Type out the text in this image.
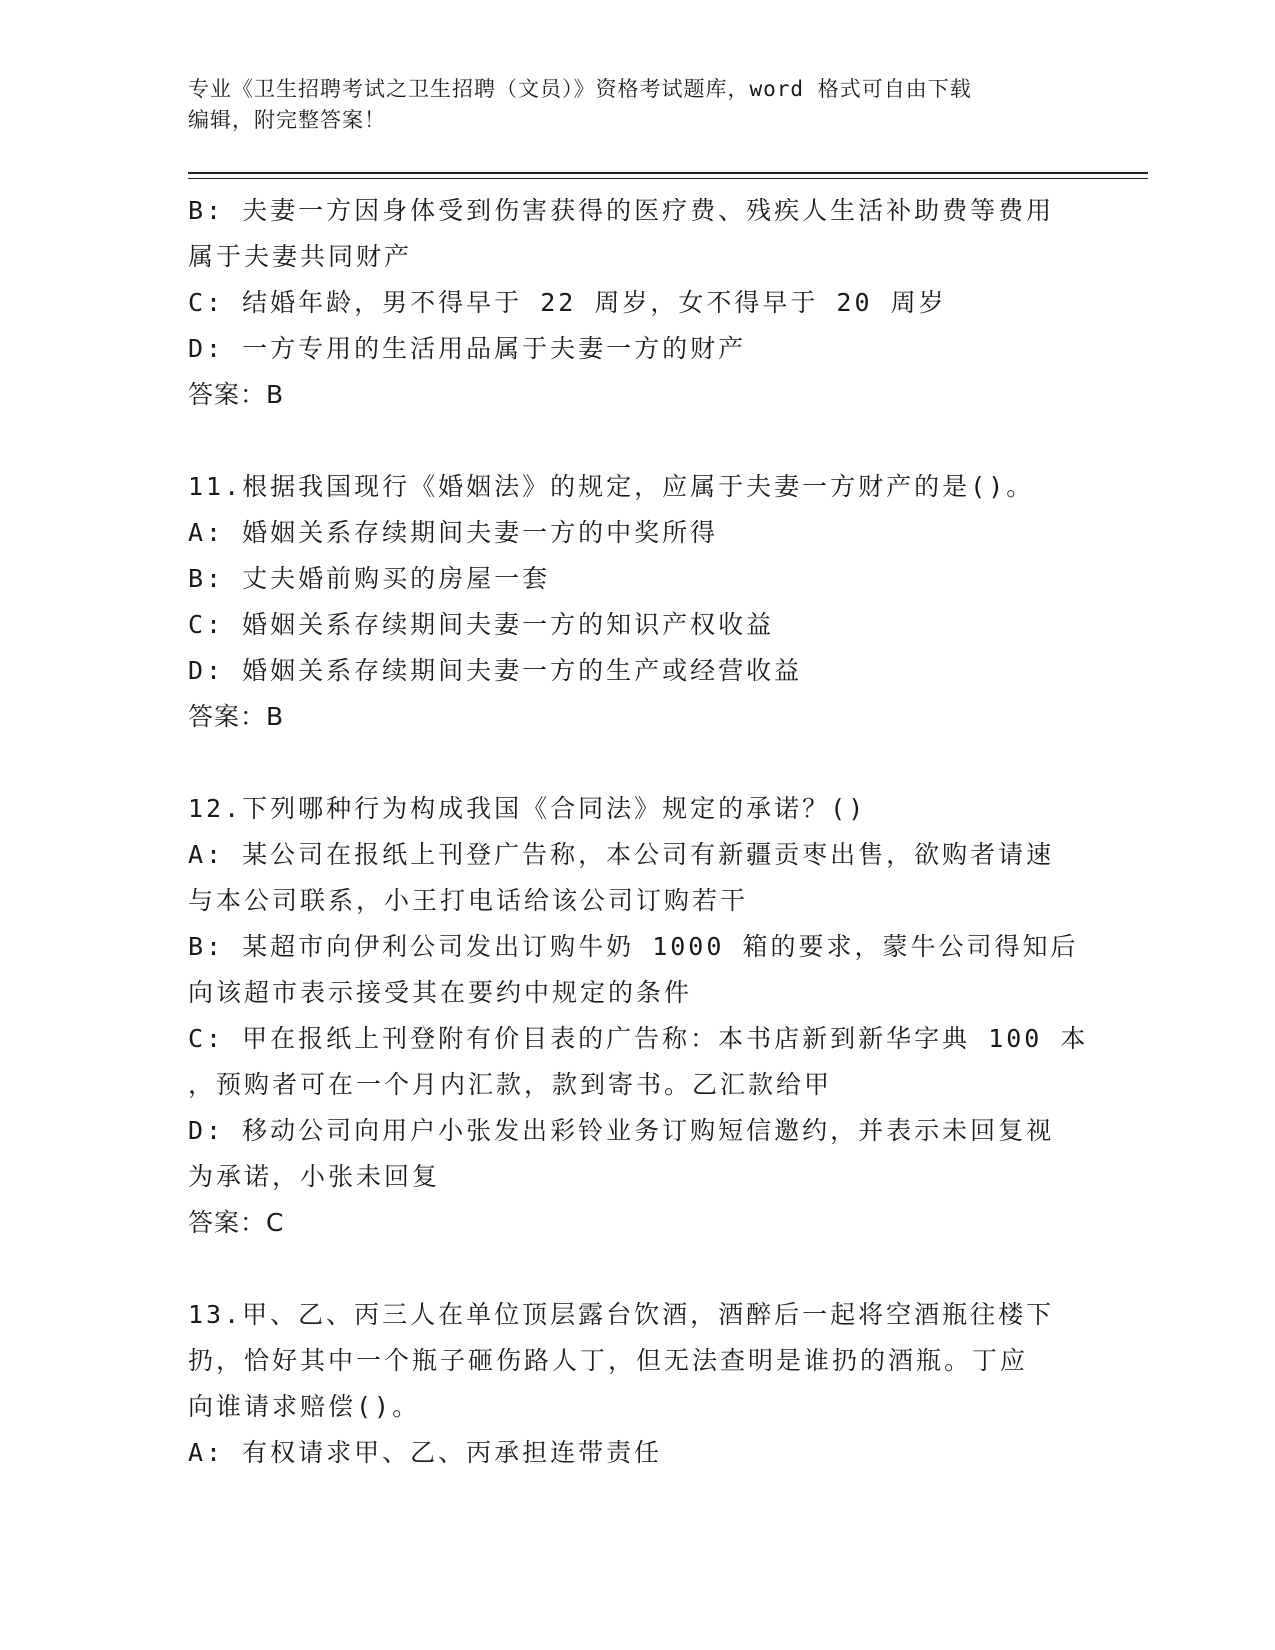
专业《卫生招聘考试之卫生招聘（文员）》资格考试题库，word 格式可自由下载
编辑，附完整答案！
B: 夫妻一方因身体受到伤害获得的医疗费、残疾人生活补助费等费用
属于夫妻共同财产
C: 结婚年龄，男不得早于 22 周岁，女不得早于 20 周岁
D: 一方专用的生活用品属于夫妻一方的财产
答案：B
11.根据我国现行《婚姻法》的规定，应属于夫妻一方财产的是()。
A: 婚姻关系存续期间夫妻一方的中奖所得
B: 丈夫婚前购买的房屋一套
C: 婚姻关系存续期间夫妻一方的知识产权收益
D: 婚姻关系存续期间夫妻一方的生产或经营收益
答案：B
12.下列哪种行为构成我国《合同法》规定的承诺？()
A: 某公司在报纸上刊登广告称，本公司有新疆贡枣出售，欲购者请速
与本公司联系，小王打电话给该公司订购若干
B: 某超市向伊利公司发出订购牛奶 1000 箱的要求，蒙牛公司得知后
向该超市表示接受其在要约中规定的条件
C: 甲在报纸上刊登附有价目表的广告称：本书店新到新华字典 100 本
，预购者可在一个月内汇款，款到寄书。乙汇款给甲
D: 移动公司向用户小张发出彩铃业务订购短信邀约，并表示未回复视
为承诺，小张未回复
答案：C
13.甲、乙、丙三人在单位顶层露台饮酒，酒醉后一起将空酒瓶往楼下
扔，恰好其中一个瓶子砸伤路人丁，但无法查明是谁扔的酒瓶。丁应
向谁请求赔偿()。
A: 有权请求甲、乙、丙承担连带责任
